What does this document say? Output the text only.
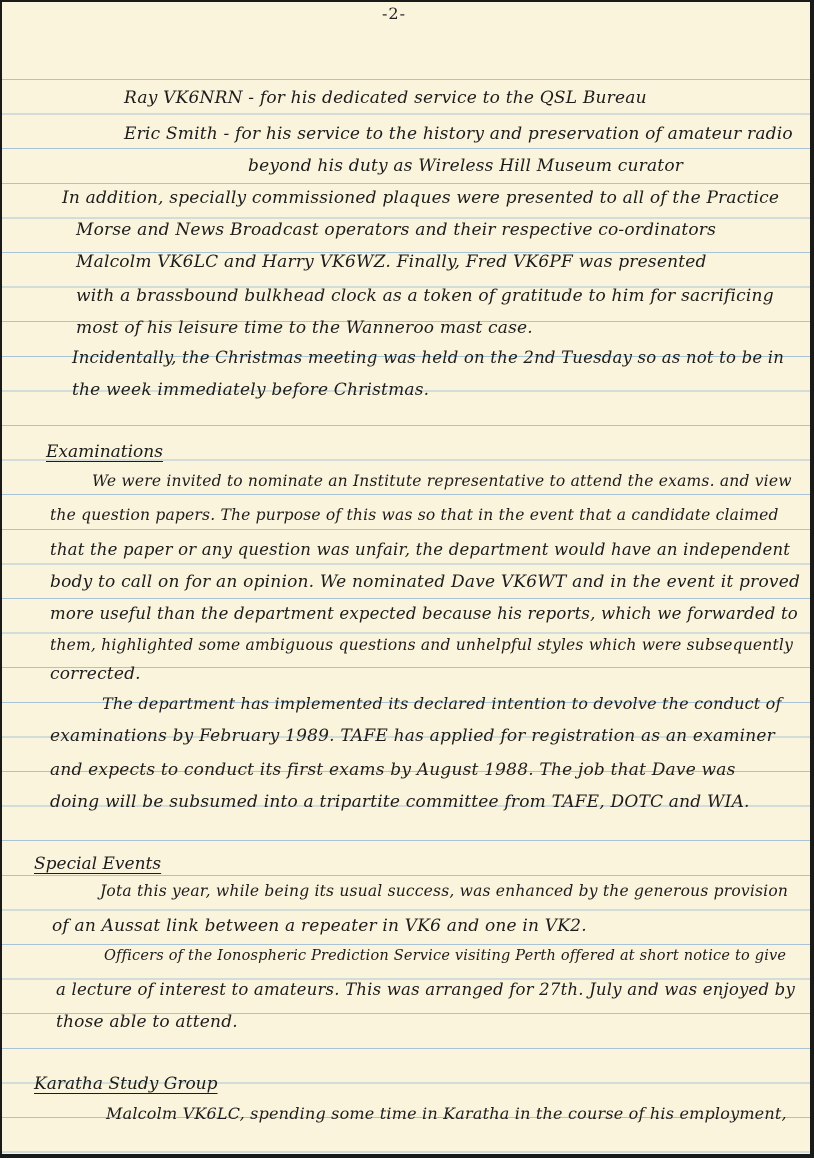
-2-
Ray VK6NRN - for his dedicated service to the QSL Bureau
Eric Smith - for his service to the history and preservation of amateur radio
beyond his duty as Wireless Hill Museum curator
In addition, specially commissioned plaques were presented to all of the Practice
Morse and News Broadcast operators and their respective co-ordinators
Malcolm VK6LC and Harry VK6WZ. Finally, Fred VK6PF was presented
with a brassbound bulkhead clock as a token of gratitude to him for sacrificing
most of his leisure time to the Wanneroo mast case.
Incidentally, the Christmas meeting was held on the 2nd Tuesday so as not to be in
the week immediately before Christmas.
Examinations
We were invited to nominate an Institute representative to attend the exams. and view
the question papers. The purpose of this was so that in the event that a candidate claimed
that the paper or any question was unfair, the department would have an independent
body to call on for an opinion. We nominated Dave VK6WT and in the event it proved
more useful than the department expected because his reports, which we forwarded to
them, highlighted some ambiguous questions and unhelpful styles which were subsequently
corrected.
The department has implemented its declared intention to devolve the conduct of
examinations by February 1989. TAFE has applied for registration as an examiner
and expects to conduct its first exams by August 1988. The job that Dave was
doing will be subsumed into a tripartite committee from TAFE, DOTC and WIA.
Special Events
Jota this year, while being its usual success, was enhanced by the generous provision
of an Aussat link between a repeater in VK6 and one in VK2.
Officers of the Ionospheric Prediction Service visiting Perth offered at short notice to give
a lecture of interest to amateurs. This was arranged for 27th. July and was enjoyed by
those able to attend.
Karatha Study Group
Malcolm VK6LC, spending some time in Karatha in the course of his employment,
